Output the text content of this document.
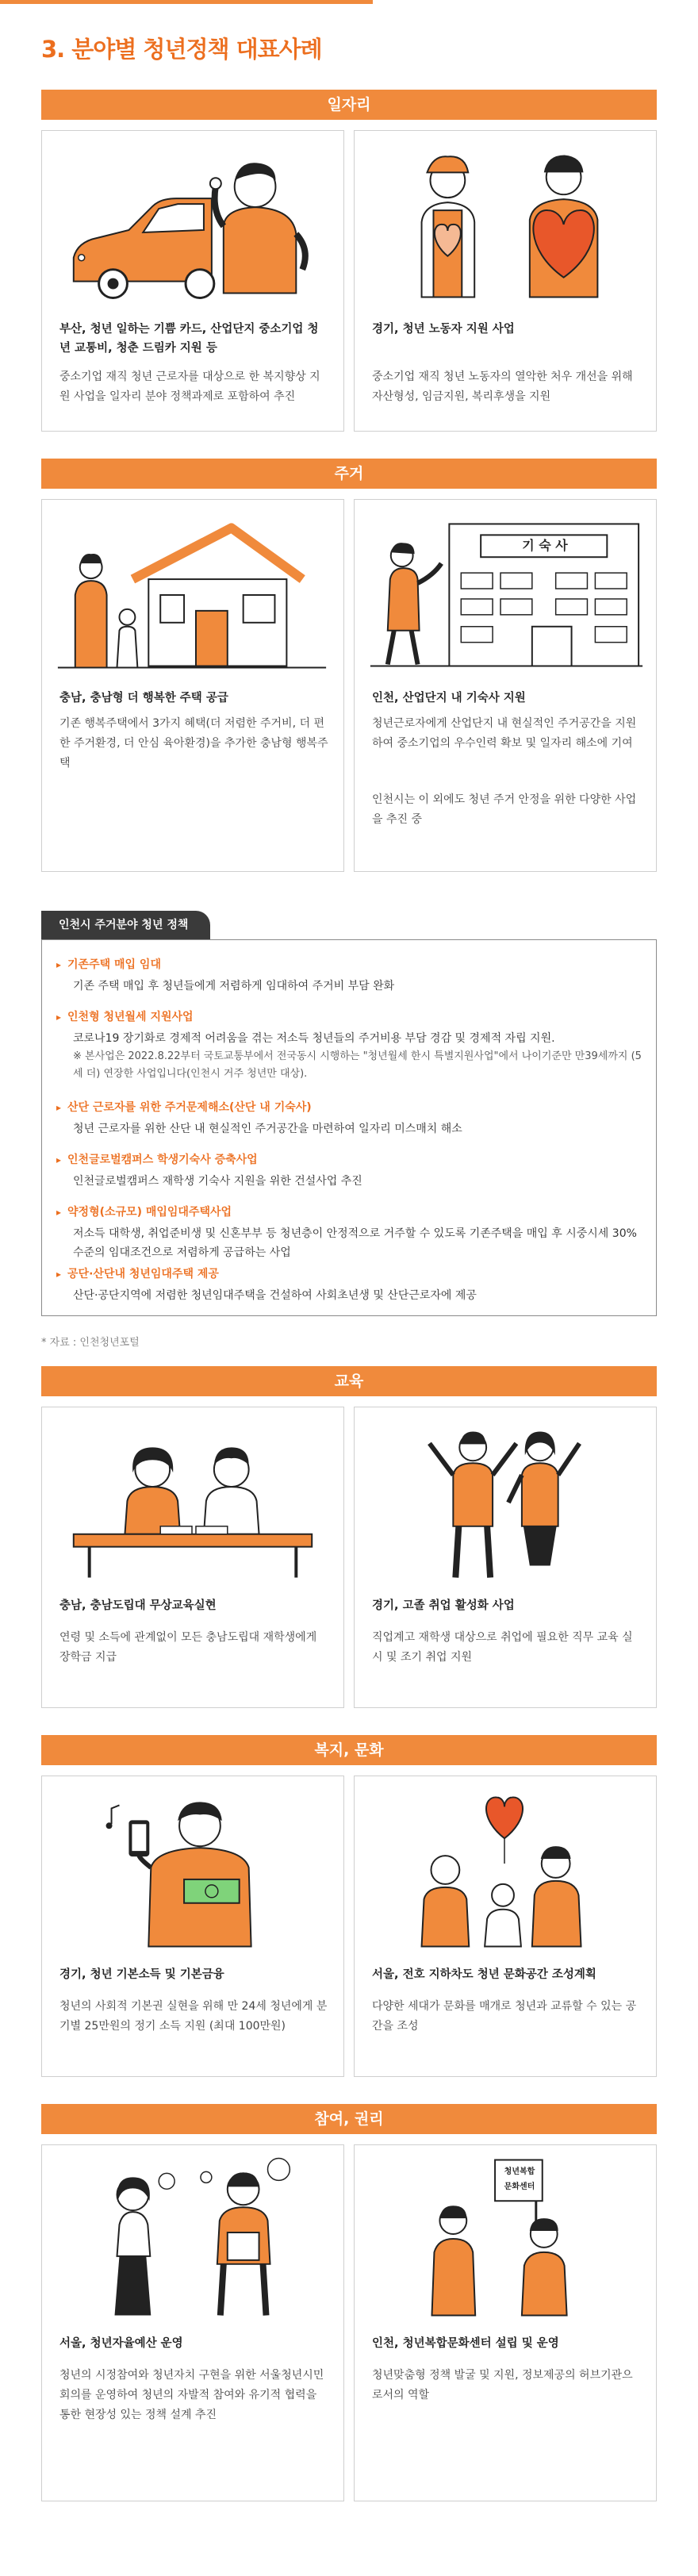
3. 분야별 청년정책 대표사례
일자리

부산, 청년 일하는 기쁨 카드, 산업단지 중소기업 청년 교통비, 청춘 드림카 지원 등

중소기업 재직 청년 근로자를 대상으로 한 복지향상 지원 사업을 일자리 분야 정책과제로 포함하여 추진

경기, 청년 노동자 지원 사업

중소기업 재직 청년 노동자의 열악한 처우 개선을 위해 자산형성, 임금지원, 복리후생을 지원

주거

충남, 충남형 더 행복한 주택 공급

기존 행복주택에서 3가지 혜택(더 저렴한 주거비, 더 편한 주거환경, 더 안심 육아환경)을 추가한 충남형 행복주택

기 숙 사

인천, 산업단지 내 기숙사 지원

청년근로자에게 산업단지 내 현실적인 주거공간을 지원하여 중소기업의 우수인력 확보 및 일자리 해소에 기여

인천시는 이 외에도 청년 주거 안정을 위한 다양한 사업을 추진 중

인천시 주거분야 청년 정책
▸ 기존주택 매입 임대
기존 주택 매입 후 청년들에게 저렴하게 임대하여 주거비 부담 완화
▸ 인천형 청년월세 지원사업
코로나19 장기화로 경제적 어려움을 겪는 저소득 청년들의 주거비용 부담 경감 및 경제적 자립 지원.
※ 본사업은 2022.8.22부터 국토교통부에서 전국동시 시행하는 "청년월세 한시 특별지원사업"에서 나이기준만 만39세까지 (5세 더) 연장한 사업입니다(인천시 거주 청년만 대상).
▸ 산단 근로자를 위한 주거문제해소(산단 내 기숙사)
청년 근로자를 위한 산단 내 현실적인 주거공간을 마련하여 일자리 미스매치 해소
▸ 인천글로벌캠퍼스 학생기숙사 증축사업
인천글로벌캠퍼스 재학생 기숙사 지원을 위한 건설사업 추진
▸ 약정형(소규모) 매입임대주택사업
저소득 대학생, 취업준비생 및 신혼부부 등 청년층이 안정적으로 거주할 수 있도록 기존주택을 매입 후 시중시세 30%수준의 임대조건으로 저렴하게 공급하는 사업
▸ 공단·산단내 청년임대주택 제공
산단·공단지역에 저렴한 청년임대주택을 건설하여 사회초년생 및 산단근로자에 제공
* 자료 : 인천청년포털
교육

충남, 충남도립대 무상교육실현

연령 및 소득에 관계없이 모든 충남도립대 재학생에게 장학금 지급

경기, 고졸 취업 활성화 사업

직업계고 재학생 대상으로 취업에 필요한 직무 교육 실시 및 조기 취업 지원

복지, 문화

경기, 청년 기본소득 및 기본금융

청년의 사회적 기본권 실현을 위해 만 24세 청년에게 분기별 25만원의 정기 소득 지원 (최대 100만원)

서울, 전호 지하차도 청년 문화공간 조성계획

다양한 세대가 문화를 매개로 청년과 교류할 수 있는 공간을 조성

참여, 권리

서울, 청년자율예산 운영

청년의 시정참여와 청년자치 구현을 위한 서울청년시민회의를 운영하여 청년의 자발적 참여와 유기적 협력을 통한 현장성 있는 정책 설계 추진

청년복합
문화센터

인천, 청년복합문화센터 설립 및 운영

청년맞춤형 정책 발굴 및 지원, 정보제공의 허브기관으로서의 역할
